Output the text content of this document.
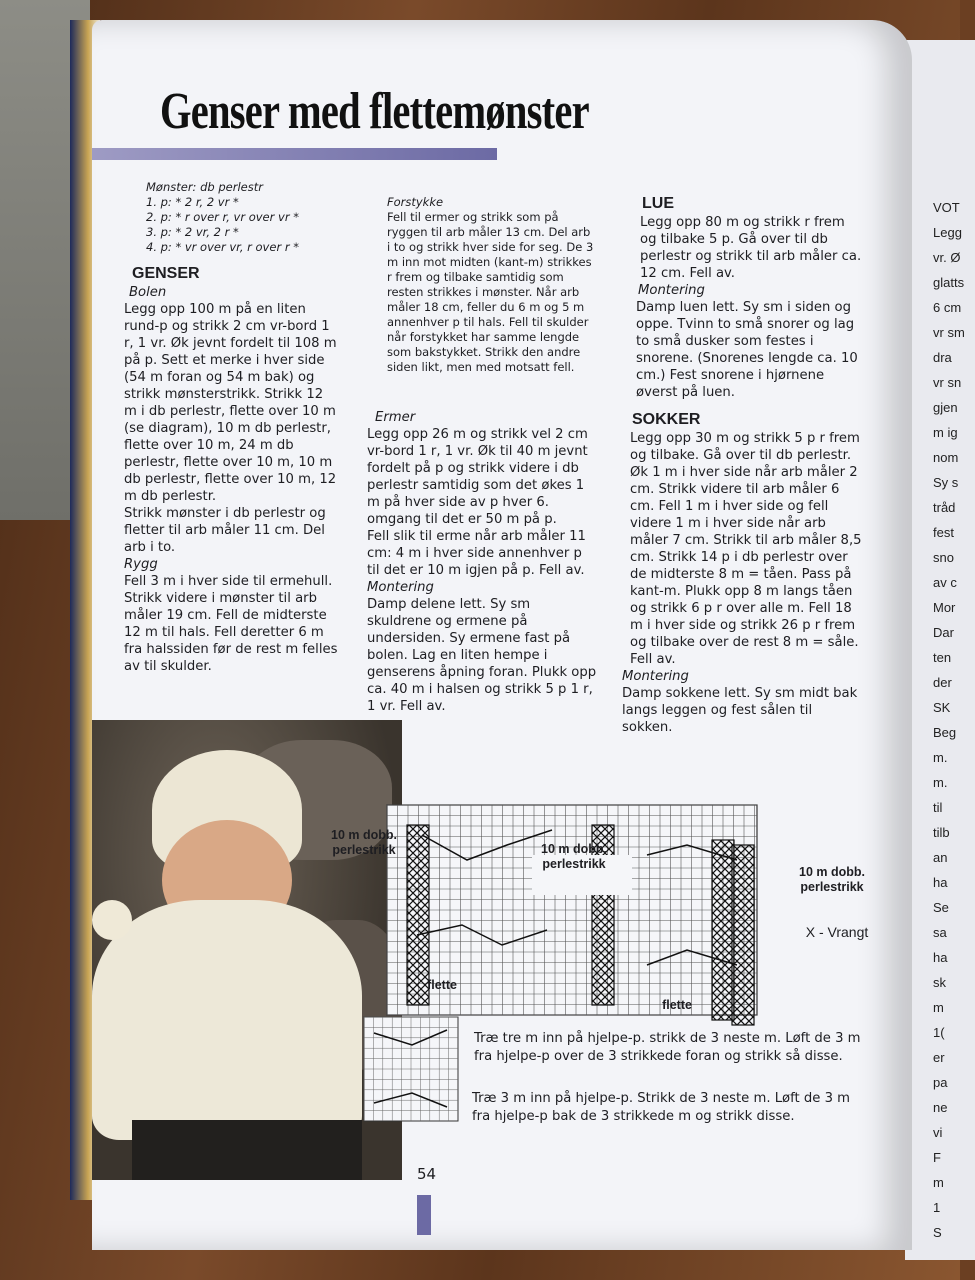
VOT
Legg
vr. Ø
glatts
6 cm
vr sm
dra
vr sn
gjen
m ig
nom
Sy s
tråd
fest
sno
av c
Mor
Dar
ten
der
SK
Beg
m.
m.
til
tilb
an
ha
Se
sa
ha
sk
m
1(
er
pa
ne
vi
F
m
1
S
Genser med flettemønster

Mønster: db perlestr

1. p: * 2 r, 2 vr *

2. p: * r over r, vr over vr *

3. p: * 2 vr, 2 r *

4. p: * vr over vr, r over r *

GENSER

Bolen

Legg opp 100 m på en liten rund-p og strikk 2 cm vr-bord 1 r, 1 vr. Øk jevnt fordelt til 108 m på p. Sett et merke i hver side (54 m foran og 54 m bak) og strikk mønsterstrikk. Strikk 12 m i db perlestr, flette over 10 m (se diagram), 10 m db perlestr, flette over 10 m, 24 m db perlestr, flette over 10 m, 10 m db perlestr, flette over 10 m, 12 m db perlestr.

Strikk mønster i db perlestr og fletter til arb måler 11 cm. Del arb i to.

Rygg

Fell 3 m i hver side til ermehull. Strikk videre i mønster til arb måler 19 cm. Fell de midterste 12 m til hals. Fell deretter 6 m fra halssiden før de rest m felles av til skulder.

Forstykke

Fell til ermer og strikk som på ryggen til arb måler 13 cm. Del arb i to og strikk hver side for seg. De 3 m inn mot midten (kant-m) strikkes r frem og tilbake samtidig som resten strikkes i mønster. Når arb måler 18 cm, feller du 6 m og 5 m annenhver p til hals. Fell til skulder når forstykket har samme lengde som bakstykket. Strikk den andre siden likt, men med motsatt fell.

Ermer

Legg opp 26 m og strikk vel 2 cm vr-bord 1 r, 1 vr. Øk til 40 m jevnt fordelt på p og strikk videre i db perlestr samtidig som det økes 1 m på hver side av p hver 6. omgang til det er 50 m på p.

Fell slik til erme når arb måler 11 cm: 4 m i hver side annenhver p til det er 10 m igjen på p. Fell av.

Montering

Damp delene lett. Sy sm skuldrene og ermene på undersiden. Sy ermene fast på bolen. Lag en liten hempe i genserens åpning foran. Plukk opp ca. 40 m i halsen og strikk 5 p 1 r, 1 vr. Fell av.

LUE

Legg opp 80 m og strikk r frem og tilbake 5 p. Gå over til db perlestr og strikk til arb måler ca. 12 cm. Fell av.

Montering

Damp luen lett. Sy sm i siden og oppe. Tvinn to små snorer og lag to små dusker som festes i snorene. (Snorenes lengde ca. 10 cm.) Fest snorene i hjørnene øverst på luen.

SOKKER

Legg opp 30 m og strikk 5 p r frem og tilbake. Gå over til db perlestr. Øk 1 m i hver side når arb måler 2 cm. Strikk videre til arb måler 6 cm. Fell 1 m i hver side og fell videre 1 m i hver side når arb måler 7 cm. Strikk til arb måler 8,5 cm. Strikk 14 p i db perlestr over de midterste 8 m = tåen. Pass på kant-m. Plukk opp 8 m langs tåen og strikk 6 p r over alle m. Fell 18 m i hver side og strikk 26 p r frem og tilbake over de rest 8 m = såle. Fell av.

Montering

Damp sokkene lett. Sy sm midt bak langs leggen og fest sålen til sokken.

10 m dobb. perlestrikk	10 m dobb. perlestrikk
10 m dobb. perlestrikk
X - Vrangt
flette
flette
Træ tre m inn på hjelpe-p. strikk de 3 neste m. Løft de 3 m fra hjelpe-p over de 3 strikkede foran og strikk så disse.
Træ 3 m inn på hjelpe-p. Strikk de 3 neste m. Løft de 3 m fra hjelpe-p bak de 3 strikkede m og strikk disse.
54
